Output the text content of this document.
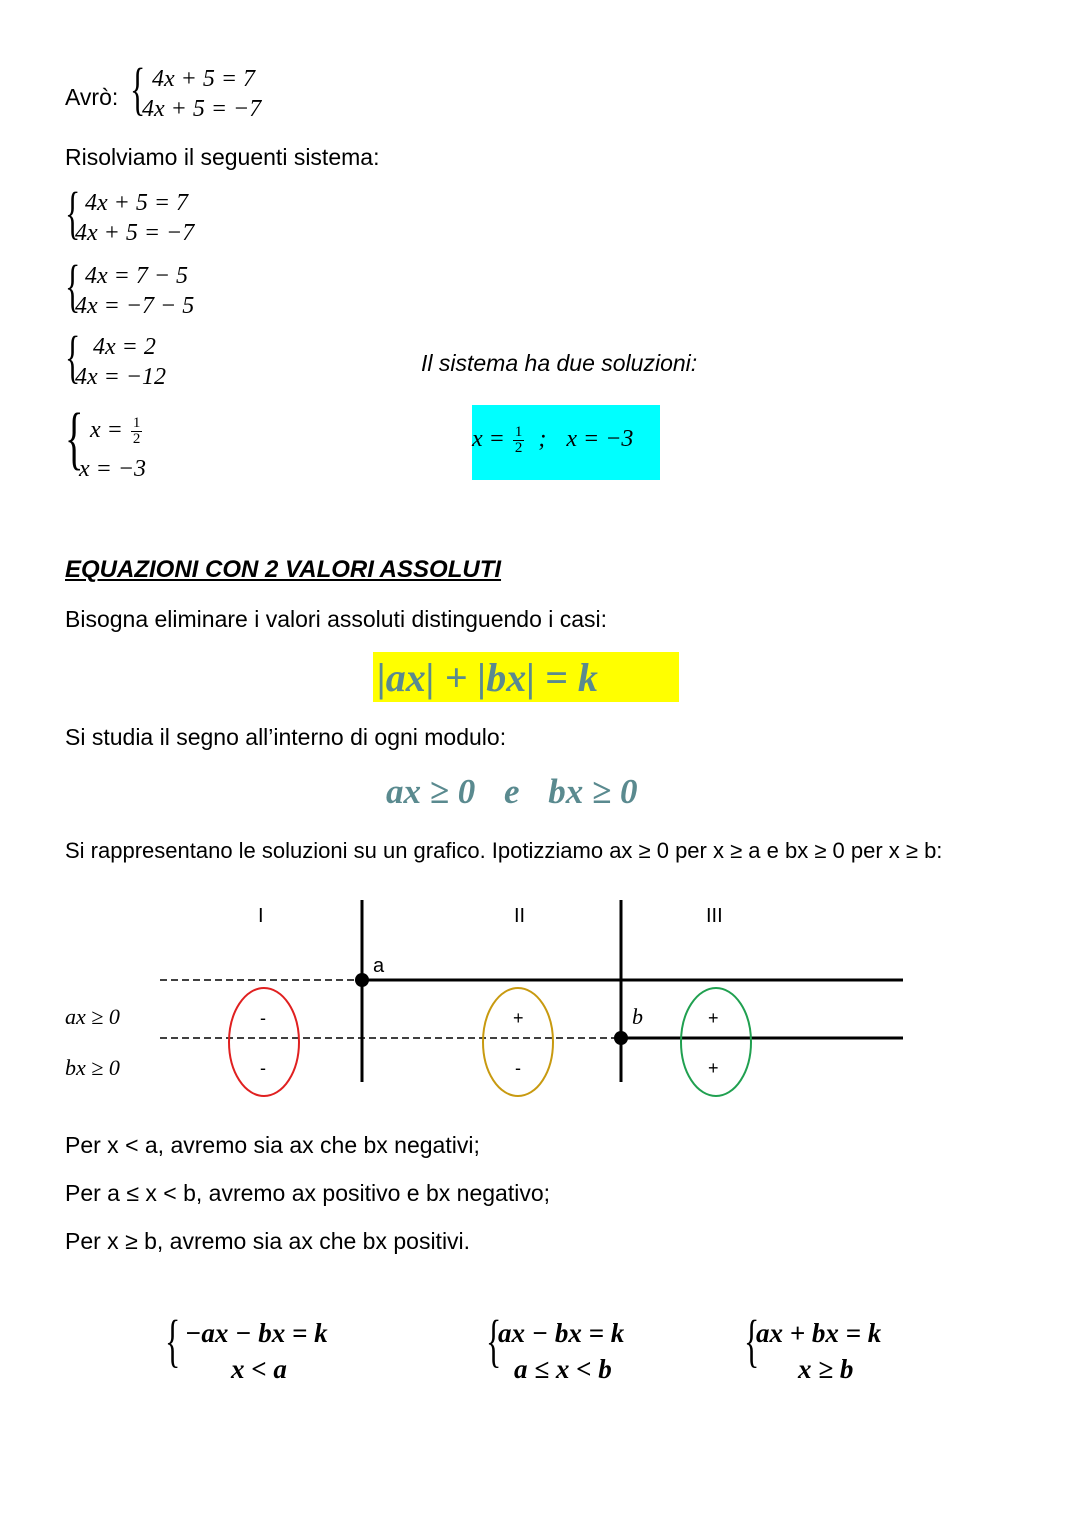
Avrò: { 4x + 5 = 7
4x + 5 = −7
Risolviamo il seguenti sistema:
{ 4x + 5 = 7
4x + 5 = −7
{ 4x = 7 − 5
4x = −7 − 5
{ 4x = 2
4x = −12
{ $x = \frac{1}{2}$
x = −3
Il sistema ha due soluzioni:
$x = \frac{1}{2}$ ; x = −3
EQUAZIONI CON 2 VALORI ASSOLUTI
Bisogna eliminare i valori assoluti distinguendo i casi:
|ax| + |bx| = k
Si studia il segno all’interno di ogni modulo:
ax ≥ 0 e bx ≥ 0
Si rappresentano le soluzioni su un grafico. Ipotizziamo ax ≥ 0 per x ≥ a e bx ≥ 0 per x ≥ b:
I	II	III
a
b
ax ≥ 0
bx ≥ 0
-
-
+
-
+
+
Per x < a, avremo sia ax che bx negativi;
Per a ≤ x < b, avremo ax positivo e bx negativo;
Per x ≥ b, avremo sia ax che bx positivi.
{ −ax − bx = k
x < a	{
ax − bx = k
a ≤ x < b {
ax + bx = k
x ≥ b
